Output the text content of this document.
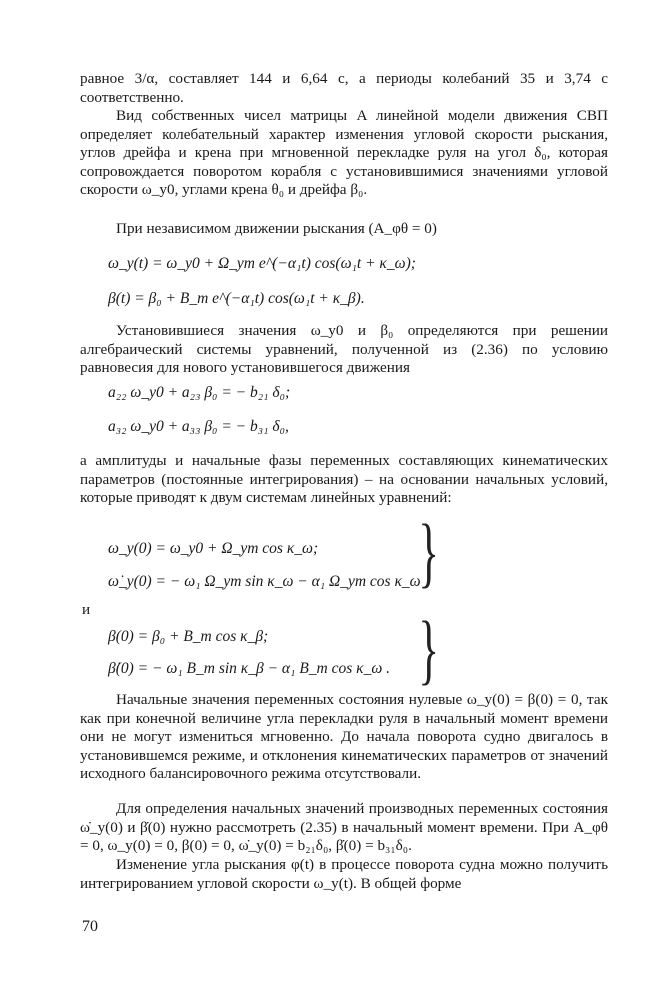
равное 3/α, составляет 144 и 6,64 с, а периоды колебаний 35 и 3,74 с соответственно.

Вид собственных чисел матрицы A линейной модели движения СВП определяет колебательный характер изменения угловой скорости рыскания, углов дрейфа и крена при мгновенной перекладке руля на угол δ₀, которая сопровождается поворотом корабля с установившимися значениями угловой скорости ω_y0, углами крена θ₀ и дрейфа β₀.

При независимом движении рыскания (A_φθ = 0)

ω_y(t) = ω_y0 + Ω_ym e^(−α₁t) cos(ω₁t + κ_ω);
β(t) = β₀ + B_m e^(−α₁t) cos(ω₁t + κ_β).

Установившиеся значения ω_y0 и β₀ определяются при решении алгебраический системы уравнений, полученной из (2.36) по условию равновесия для нового установившегося движения

a₂₂ ω_y0 + a₂₃ β₀ = − b₂₁ δ₀;
a₃₂ ω_y0 + a₃₃ β₀ = − b₃₁ δ₀,

а амплитуды и начальные фазы переменных составляющих кинематических параметров (постоянные интегрирования) – на основании начальных условий, которые приводят к двум системам линейных уравнений:

ω_y(0) = ω_y0 + Ω_ym cos κ_ω;
ω̇_y(0) = − ω₁ Ω_ym sin κ_ω − α₁ Ω_ym cos κ_ω
}
и
β(0) = β₀ + B_m cos κ_β;
β̇(0) = − ω₁ B_m sin κ_β − α₁ B_m cos κ_ω . }

Начальные значения переменных состояния нулевые ω_y(0) = β(0) = 0, так как при конечной величине угла перекладки руля в начальный момент времени они не могут измениться мгновенно. До начала поворота судно двигалось в установившемся режиме, и отклонения кинематических параметров от значений исходного балансировочного режима отсутствовали.

Для определения начальных значений производных переменных состояния ω̇_y(0) и β̇(0) нужно рассмотреть (2.35) в начальный момент времени. При A_φθ = 0, ω_y(0) = 0, β(0) = 0, ω̇_y(0) = b₂₁δ₀, β̇(0) = b₃₁δ₀.

Изменение угла рыскания φ(t) в процессе поворота судна можно получить интегрированием угловой скорости ω_y(t). В общей форме

70
